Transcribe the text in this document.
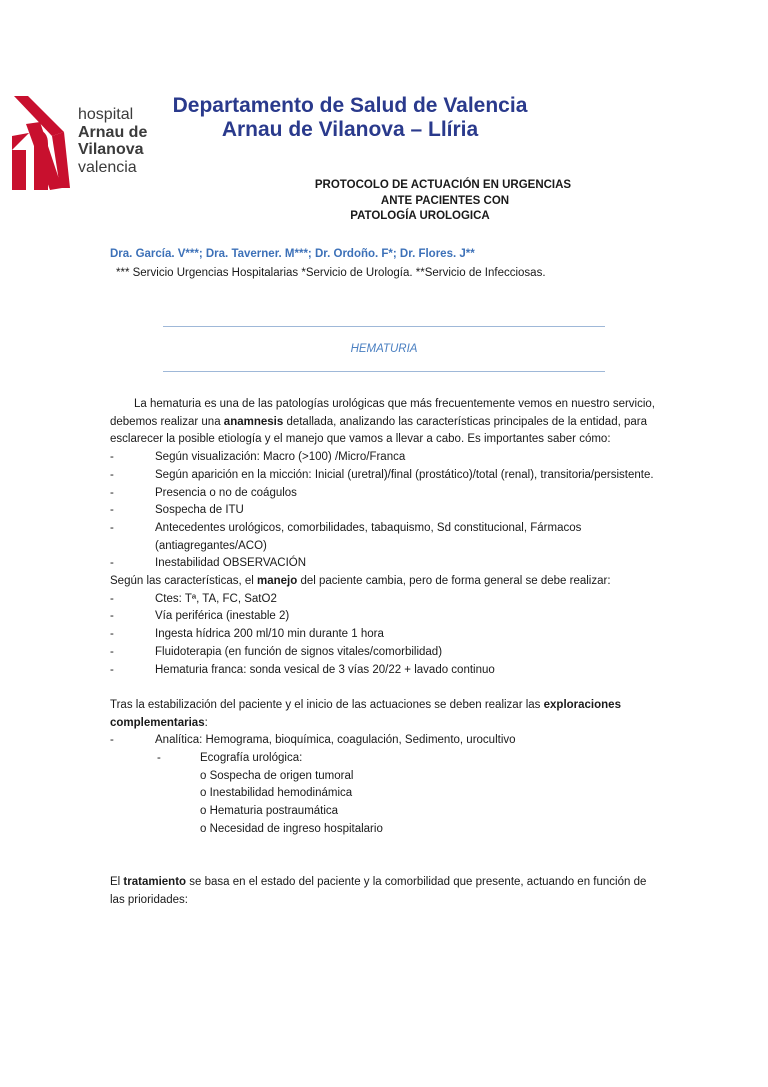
hospital
Arnau de
Vilanova
valencia
Departamento de Salud de Valencia
Arnau de Vilanova – Llíria
PROTOCOLO DE ACTUACIÓN EN URGENCIAS
ANTE PACIENTES CON
PATOLOGÍA UROLOGICA
Dra. García. V***; Dra. Taverner. M***; Dr. Ordoño. F*; Dr. Flores. J**
*** Servicio Urgencias Hospitalarias *Servicio de Urología. **Servicio de Infecciosas.
HEMATURIA

La hematuria es una de las patologías urológicas que más frecuentemente vemos en nuestro servicio, debemos realizar una anamnesis detallada, analizando las características principales de la entidad, para esclarecer la posible etiología y el manejo que vamos a llevar a cabo. Es importantes saber cómo:

-	Según visualización: Macro (>100) /Micro/Franca
-	Según aparición en la micción: Inicial (uretral)/final (prostático)/total (renal), transitoria/persistente.
-	Presencia o no de coágulos
-	Sospecha de ITU
-	Antecedentes urológicos, comorbilidades, tabaquismo, Sd constitucional, Fármacos (antiagregantes/ACO)
-	Inestabilidad OBSERVACIÓN

Según las características, el manejo del paciente cambia, pero de forma general se debe realizar:

-	Ctes: Tª, TA, FC, SatO2
-	Vía periférica (inestable 2)
-	Ingesta hídrica 200 ml/10 min durante 1 hora
-	Fluidoterapia (en función de signos vitales/comorbilidad)
-	Hematuria franca: sonda vesical de 3 vías 20/22 + lavado continuo

Tras la estabilización del paciente y el inicio de las actuaciones se deben realizar las exploraciones complementarias:

-	Analítica: Hemograma, bioquímica, coagulación, Sedimento, urocultivo
-	Ecografía urológica:
o Sospecha de origen tumoral
o Inestabilidad hemodinámica
o Hematuria postraumática
o Necesidad de ingreso hospitalario

El tratamiento se basa en el estado del paciente y la comorbilidad que presente, actuando en función de las prioridades:
